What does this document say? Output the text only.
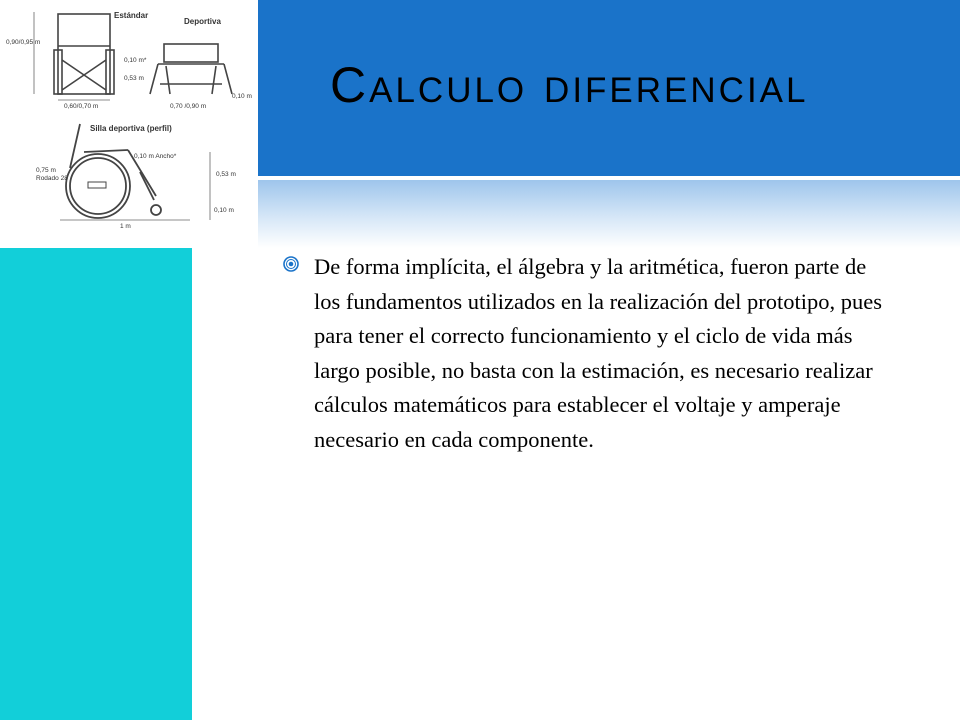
0,90/0,95 m
0,60/0,70 m
Estándar
Deportiva
0,10 m*
0,53 m
0,70 /0,90 m
0,10 m
Silla deportiva (perfil)
0,10 m Ancho*
0,75 m
Rodado 28
0,53 m
0,10 m
1 m
Calculo diferencial

De forma implícita, el álgebra y la aritmética, fueron parte de los fundamentos utilizados en la realización del prototipo, pues para tener el correcto funcionamiento y el ciclo de vida más largo posible, no basta con la estimación, es necesario realizar cálculos matemáticos para establecer el voltaje y amperaje necesario en cada componente.
